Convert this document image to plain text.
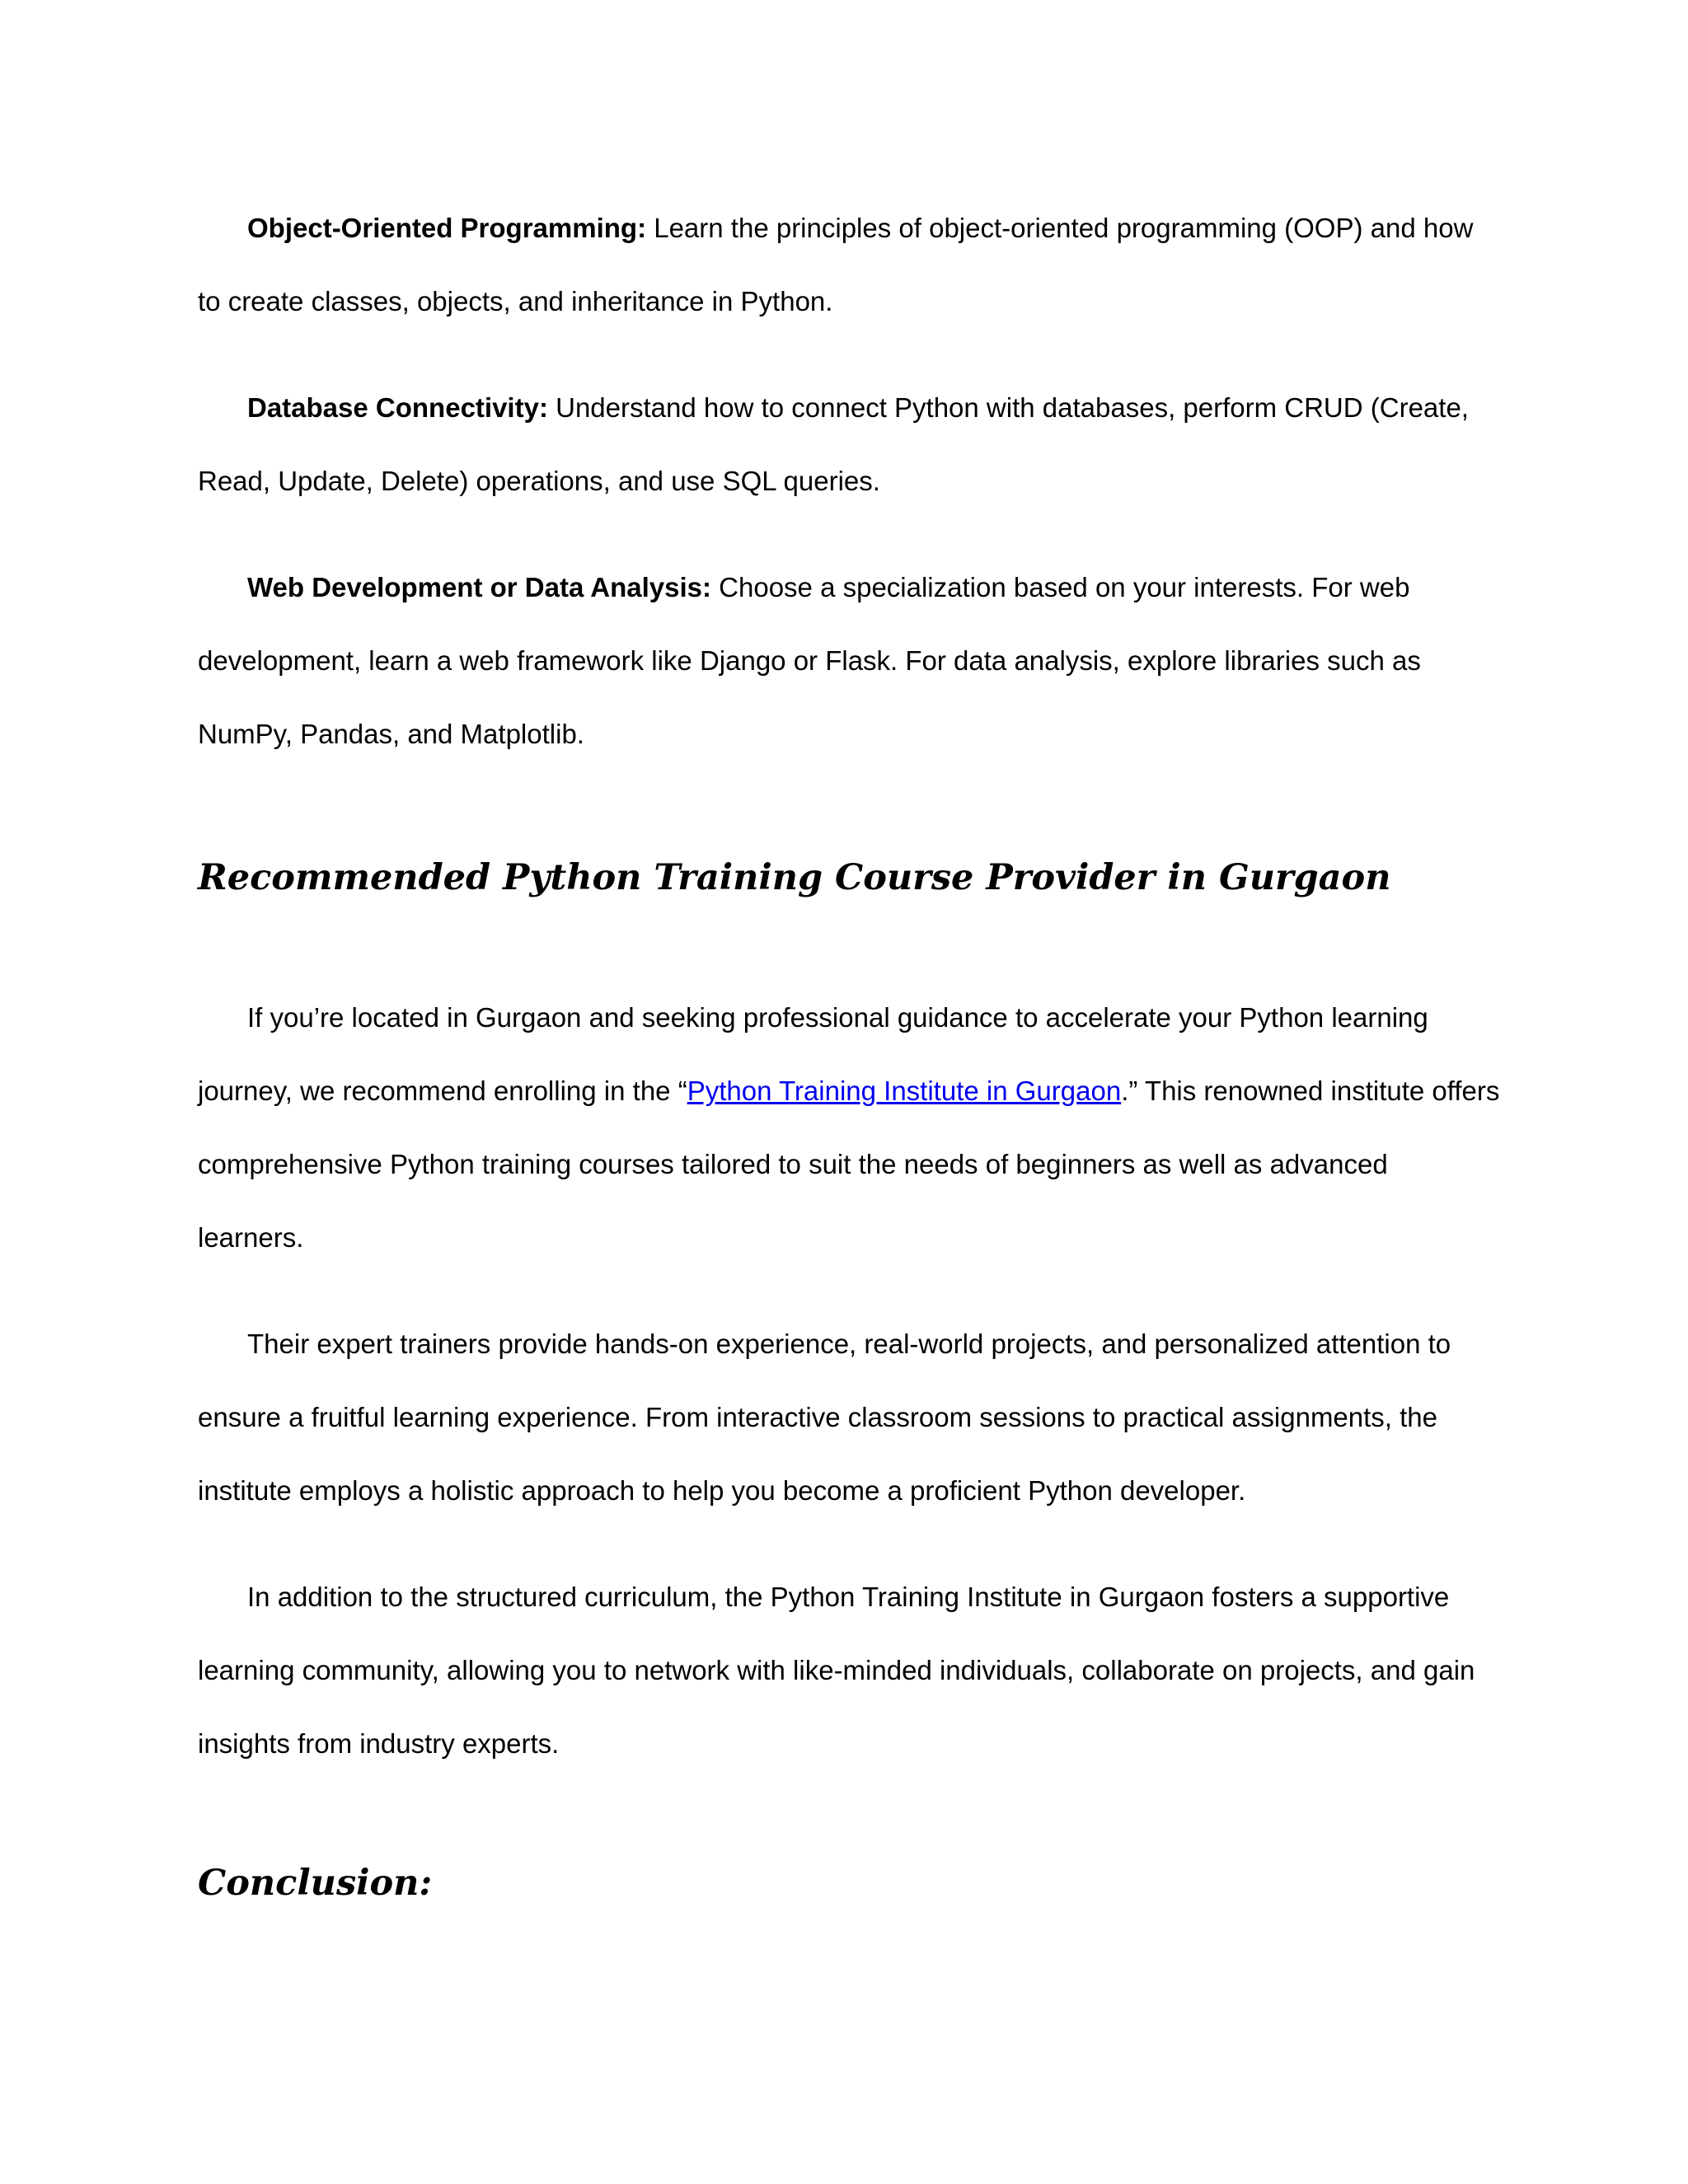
Object-Oriented Programming: Learn the principles of object-oriented programming (OOP) and how to create classes, objects, and inheritance in Python.

Database Connectivity: Understand how to connect Python with databases, perform CRUD (Create, Read, Update, Delete) operations, and use SQL queries.

Web Development or Data Analysis: Choose a specialization based on your interests. For web development, learn a web framework like Django or Flask. For data analysis, explore libraries such as NumPy, Pandas, and Matplotlib.

Recommended Python Training Course Provider in Gurgaon

If you’re located in Gurgaon and seeking professional guidance to accelerate your Python learning journey, we recommend enrolling in the “Python Training Institute in Gurgaon.” This renowned institute offers comprehensive Python training courses tailored to suit the needs of beginners as well as advanced learners.

Their expert trainers provide hands-on experience, real-world projects, and personalized attention to ensure a fruitful learning experience. From interactive classroom sessions to practical assignments, the institute employs a holistic approach to help you become a proficient Python developer.

In addition to the structured curriculum, the Python Training Institute in Gurgaon fosters a supportive learning community, allowing you to network with like-minded individuals, collaborate on projects, and gain insights from industry experts.

Conclusion:
